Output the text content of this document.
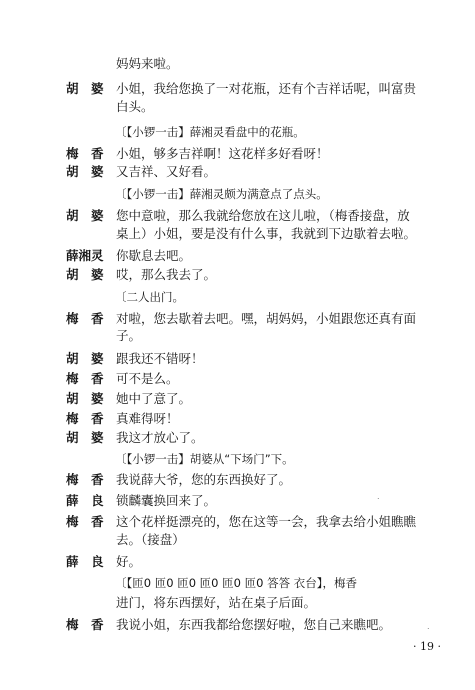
妈妈来啦。
胡　婆 小姐，我给您换了一对花瓶，还有个吉祥话呢，叫富贵
白头。
〔【小锣一击】薛湘灵看盘中的花瓶。
梅　香 小姐，够多吉祥啊！这花样多好看呀！
胡　婆 又吉祥、又好看。
〔【小锣一击】薛湘灵颇为满意点了点头。
胡　婆 您中意啦，那么我就给您放在这儿啦，（梅香接盘，放
桌上）小姐，要是没有什么事，我就到下边歇着去啦。
薛湘灵 你歇息去吧。
胡　婆 哎，那么我去了。
〔二人出门。
梅　香 对啦，您去歇着去吧。嘿，胡妈妈，小姐跟您还真有面
子。
胡　婆 跟我还不错呀！
梅　香 可不是么。
胡　婆 她中了意了。
梅　香 真难得呀！
胡　婆 我这才放心了。
〔【小锣一击】胡婆从“下场门”下。
梅　香 我说薛大爷，您的东西换好了。
薛　良 锁麟囊换回来了。
梅　香 这个花样挺漂亮的，您在这等一会，我拿去给小姐瞧瞧
去。（接盘）
薛　良 好。
〔【匝0 匝0 匝0 匝0 匝0 匝0 答答 衣台】，梅香
进门，将东西摆好，站在桌子后面。
梅　香 我说小姐，东西我都给您摆好啦，您自己来瞧吧。
· 19 ·
.
.
